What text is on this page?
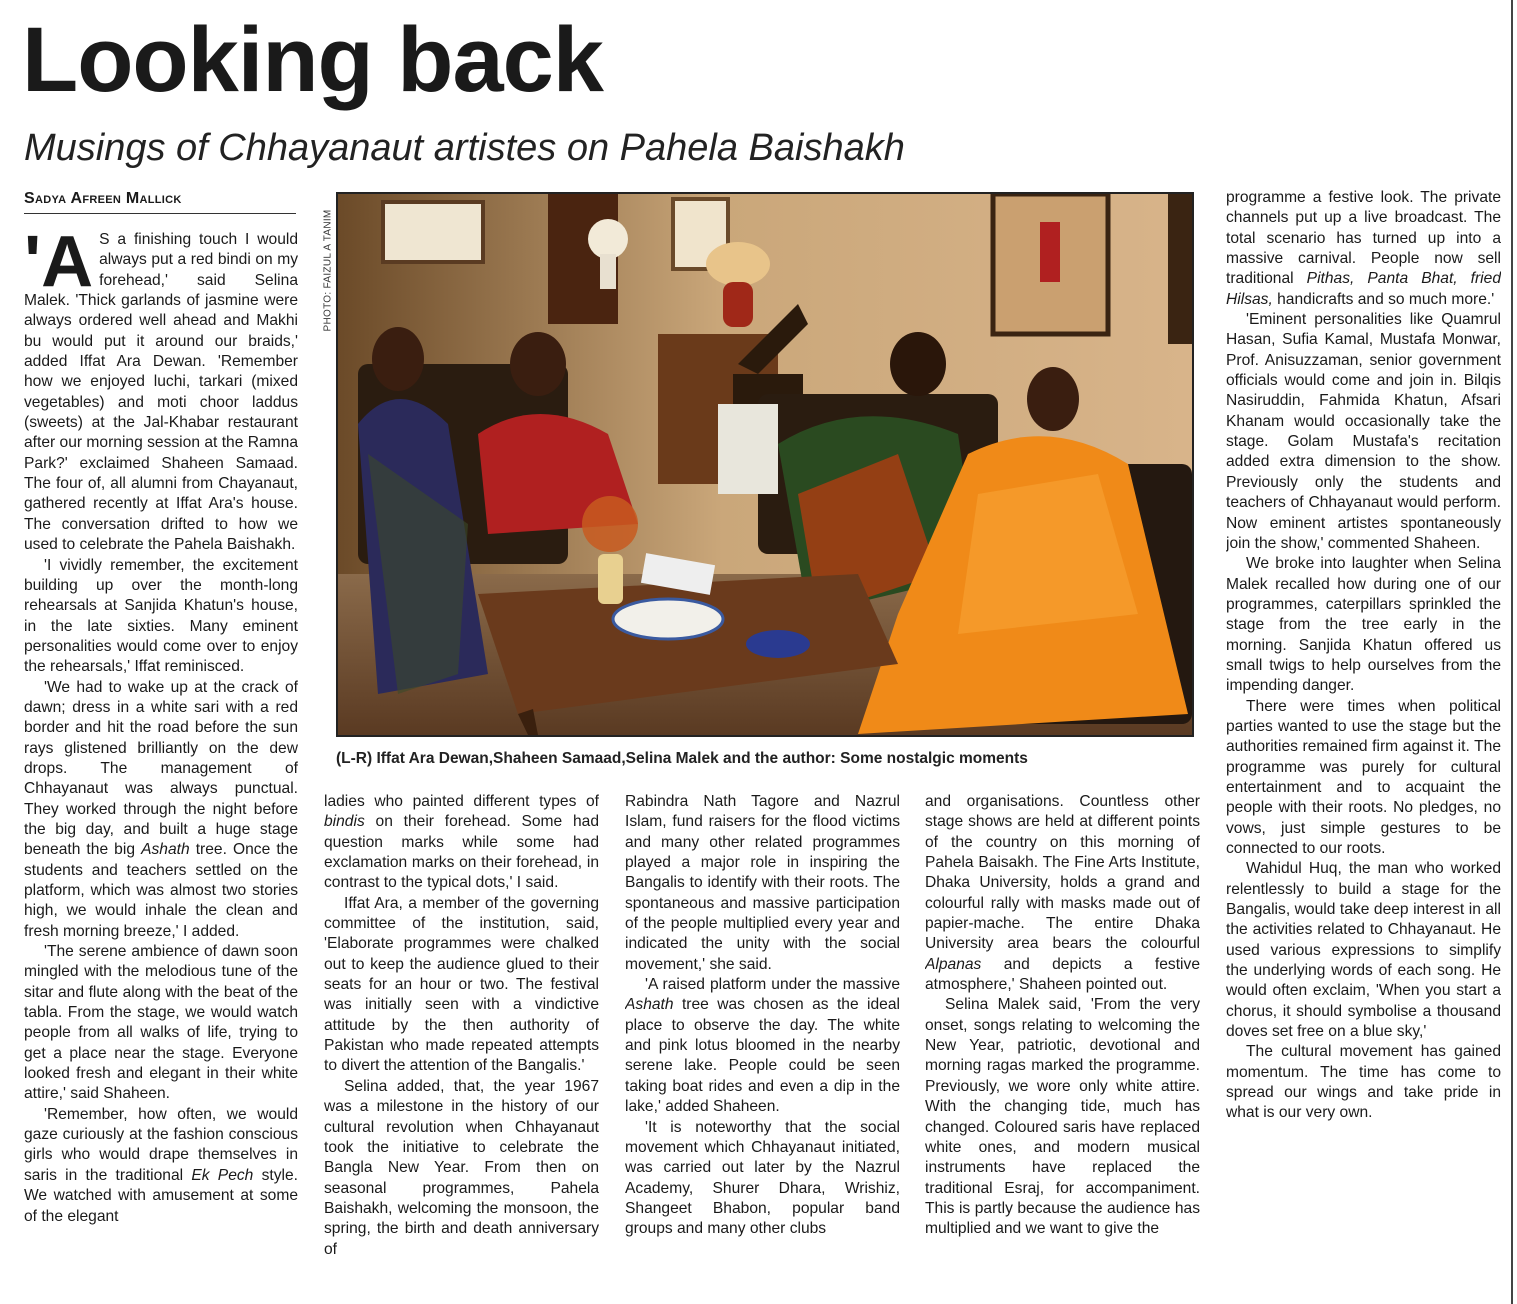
Looking back
Musings of Chhayanaut artistes on Pahela Baishakh
Sadya Afreen Mallick

'A S a finishing touch I would always put a red bindi on my forehead,' said Selina Malek. 'Thick garlands of jasmine were always ordered well ahead and Makhi bu would put it around our braids,' added Iffat Ara Dewan. 'Remember how we enjoyed luchi, tarkari (mixed vegetables) and moti choor laddus (sweets) at the Jal-Khabar restaurant after our morning session at the Ramna Park?' exclaimed Shaheen Samaad. The four of, all alumni from Chayanaut, gathered recently at Iffat Ara's house. The conversation drifted to how we used to celebrate the Pahela Baishakh.

'I vividly remember, the excitement building up over the month-long rehearsals at Sanjida Khatun's house, in the late sixties. Many eminent personalities would come over to enjoy the rehearsals,' Iffat reminisced.

'We had to wake up at the crack of dawn; dress in a white sari with a red border and hit the road before the sun rays glistened brilliantly on the dew drops. The management of Chhayanaut was always punctual. They worked through the night before the big day, and built a huge stage beneath the big Ashath tree. Once the students and teachers settled on the platform, which was almost two stories high, we would inhale the clean and fresh morning breeze,' I added.

'The serene ambience of dawn soon mingled with the melodious tune of the sitar and flute along with the beat of the tabla. From the stage, we would watch people from all walks of life, trying to get a place near the stage. Everyone looked fresh and elegant in their white attire,' said Shaheen.

'Remember, how often, we would gaze curiously at the fashion conscious girls who would drape themselves in saris in the traditional Ek Pech style. We watched with amusement at some of the elegant

PHOTO: FAIZUL A TANIM

(L-R) Iffat Ara Dewan,Shaheen Samaad,Selina Malek and the author: Some nostalgic moments

ladies who painted different types of bindis on their forehead. Some had question marks while some had exclamation marks on their forehead, in contrast to the typical dots,' I said.

Iffat Ara, a member of the governing committee of the institution, said, 'Elaborate programmes were chalked out to keep the audience glued to their seats for an hour or two. The festival was initially seen with a vindictive attitude by the then authority of Pakistan who made repeated attempts to divert the attention of the Bangalis.'

Selina added, that, the year 1967 was a milestone in the history of our cultural revolution when Chhayanaut took the initiative to celebrate the Bangla New Year. From then on seasonal programmes, Pahela Baishakh, welcoming the monsoon, the spring, the birth and death anniversary of

Rabindra Nath Tagore and Nazrul Islam, fund raisers for the flood victims and many other related programmes played a major role in inspiring the Bangalis to identify with their roots. The spontaneous and massive participation of the people multiplied every year and indicated the unity with the social movement,' she said.

'A raised platform under the massive Ashath tree was chosen as the ideal place to observe the day. The white and pink lotus bloomed in the nearby serene lake. People could be seen taking boat rides and even a dip in the lake,' added Shaheen.

'It is noteworthy that the social movement which Chhayanaut initiated, was carried out later by the Nazrul Academy, Shurer Dhara, Wrishiz, Shangeet Bhabon, popular band groups and many other clubs

and organisations. Countless other stage shows are held at different points of the country on this morning of Pahela Baisakh. The Fine Arts Institute, Dhaka University, holds a grand and colourful rally with masks made out of papier-mache. The entire Dhaka University area bears the colourful Alpanas and depicts a festive atmosphere,' Shaheen pointed out.

Selina Malek said, 'From the very onset, songs relating to welcoming the New Year, patriotic, devotional and morning ragas marked the programme. Previously, we wore only white attire. With the changing tide, much has changed. Coloured saris have replaced white ones, and modern musical instruments have replaced the traditional Esraj, for accompaniment. This is partly because the audience has multiplied and we want to give the

programme a festive look. The private channels put up a live broadcast. The total scenario has turned up into a massive carnival. People now sell traditional Pithas, Panta Bhat, fried Hilsas, handicrafts and so much more.'

'Eminent personalities like Quamrul Hasan, Sufia Kamal, Mustafa Monwar, Prof. Anisuzzaman, senior government officials would come and join in. Bilqis Nasiruddin, Fahmida Khatun, Afsari Khanam would occasionally take the stage. Golam Mustafa's recitation added extra dimension to the show. Previously only the students and teachers of Chhayanaut would perform. Now eminent artistes spontaneously join the show,' commented Shaheen.

We broke into laughter when Selina Malek recalled how during one of our programmes, caterpillars sprinkled the stage from the tree early in the morning. Sanjida Khatun offered us small twigs to help ourselves from the impending danger.

There were times when political parties wanted to use the stage but the authorities remained firm against it. The programme was purely for cultural entertainment and to acquaint the people with their roots. No pledges, no vows, just simple gestures to be connected to our roots.

Wahidul Huq, the man who worked relentlessly to build a stage for the Bangalis, would take deep interest in all the activities related to Chhayanaut. He used various expressions to simplify the underlying words of each song. He would often exclaim, 'When you start a chorus, it should symbolise a thousand doves set free on a blue sky,'

The cultural movement has gained momentum. The time has come to spread our wings and take pride in what is our very own.
